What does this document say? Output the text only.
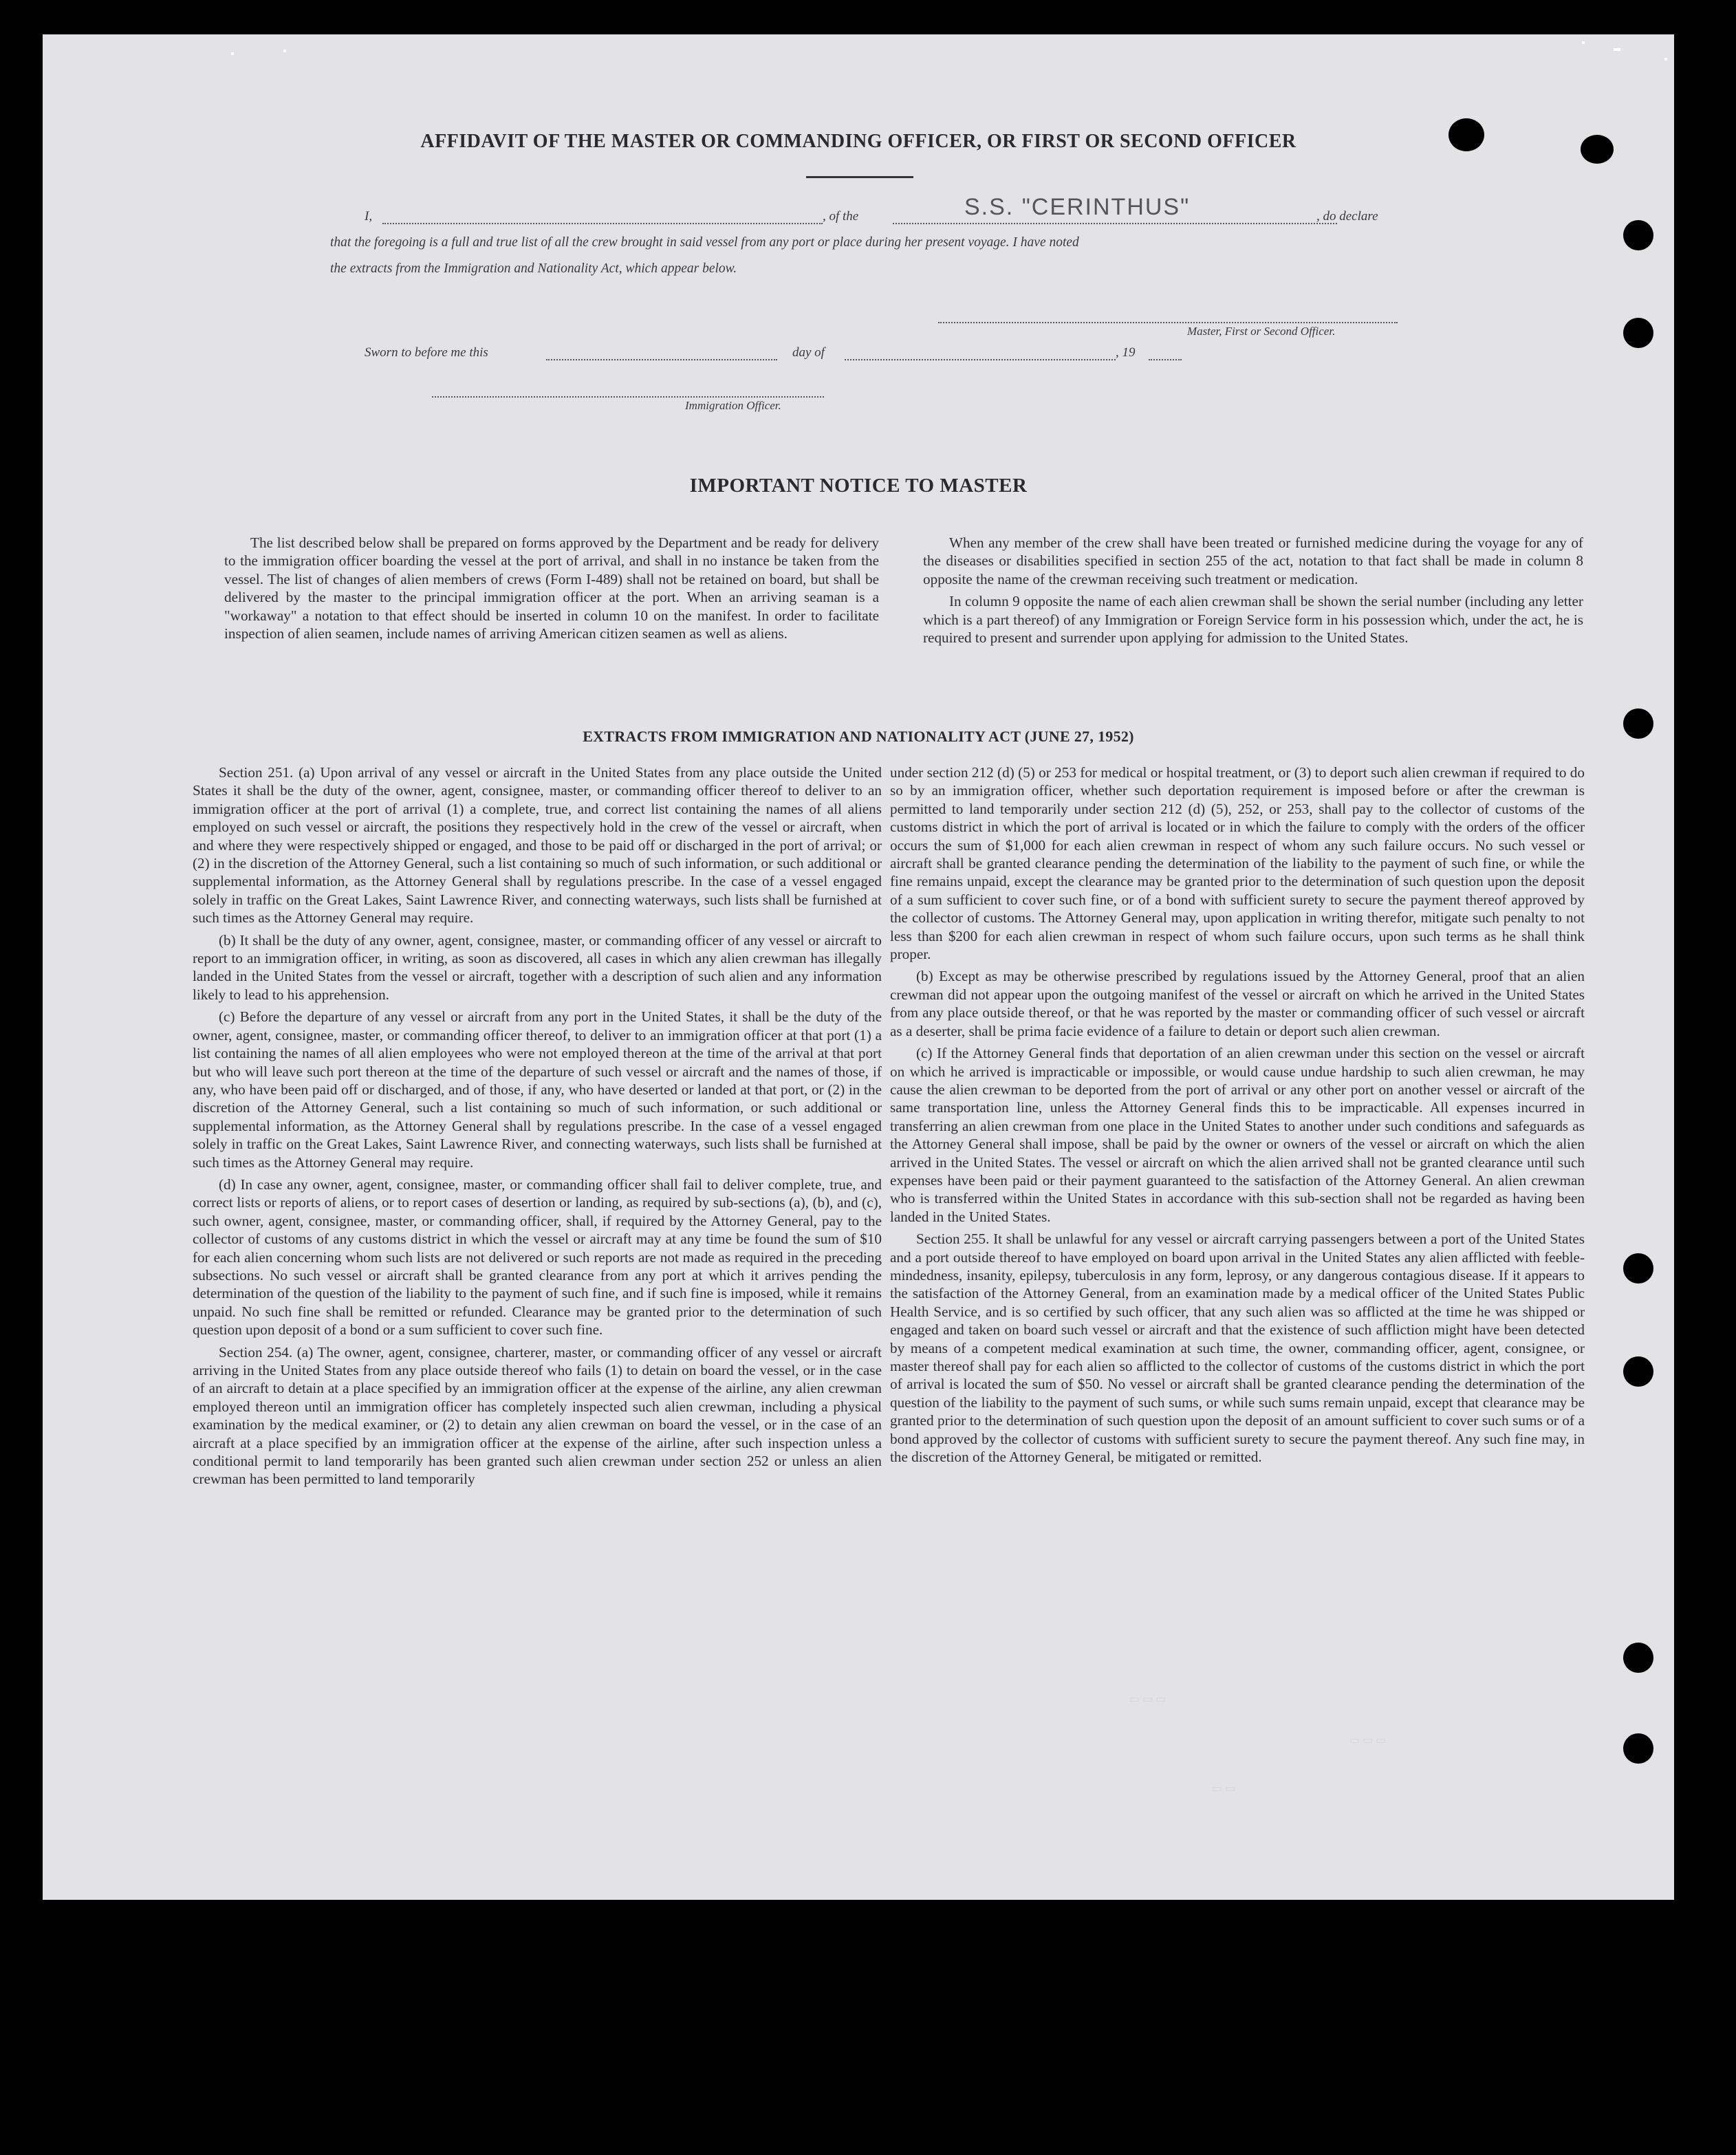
AFFIDAVIT OF THE MASTER OR COMMANDING OFFICER, OR FIRST OR SECOND OFFICER
I,	, of the	S.S. "CERINTHUS"	, do declare
that the foregoing is a full and true list of all the crew brought in said vessel from any port or place during her present voyage. I have noted
the extracts from the Immigration and Nationality Act, which appear below.
Master, First or Second Officer.
Sworn to before me this	day of	, 19
Immigration Officer.
IMPORTANT NOTICE TO MASTER

The list described below shall be prepared on forms approved by the Department and be ready for delivery to the immigration officer boarding the vessel at the port of arrival, and shall in no instance be taken from the vessel. The list of changes of alien members of crews (Form I-489) shall not be retained on board, but shall be delivered by the master to the principal immigration officer at the port. When an arriving seaman is a "workaway" a notation to that effect should be inserted in column 10 on the manifest. In order to facilitate inspection of alien seamen, include names of arriving American citizen seamen as well as aliens.

When any member of the crew shall have been treated or furnished medicine during the voyage for any of the diseases or disabilities specified in section 255 of the act, notation to that fact shall be made in column 8 opposite the name of the crewman receiving such treatment or medication.

In column 9 opposite the name of each alien crewman shall be shown the serial number (including any letter which is a part thereof) of any Immigration or Foreign Service form in his possession which, under the act, he is required to present and surrender upon applying for admission to the United States.

EXTRACTS FROM IMMIGRATION AND NATIONALITY ACT (JUNE 27, 1952)

Section 251. (a) Upon arrival of any vessel or aircraft in the United States from any place outside the United States it shall be the duty of the owner, agent, consignee, master, or commanding officer thereof to deliver to an immigration officer at the port of arrival (1) a complete, true, and correct list containing the names of all aliens employed on such vessel or aircraft, the positions they respectively hold in the crew of the vessel or aircraft, when and where they were respectively shipped or engaged, and those to be paid off or discharged in the port of arrival; or (2) in the discretion of the Attorney General, such a list containing so much of such information, or such additional or supplemental information, as the Attorney General shall by regulations prescribe. In the case of a vessel engaged solely in traffic on the Great Lakes, Saint Lawrence River, and connecting waterways, such lists shall be furnished at such times as the Attorney General may require.

(b) It shall be the duty of any owner, agent, consignee, master, or commanding officer of any vessel or aircraft to report to an immigration officer, in writing, as soon as discovered, all cases in which any alien crewman has illegally landed in the United States from the vessel or aircraft, together with a description of such alien and any information likely to lead to his apprehension.

(c) Before the departure of any vessel or aircraft from any port in the United States, it shall be the duty of the owner, agent, consignee, master, or commanding officer thereof, to deliver to an immigration officer at that port (1) a list containing the names of all alien employees who were not employed thereon at the time of the arrival at that port but who will leave such port thereon at the time of the departure of such vessel or aircraft and the names of those, if any, who have been paid off or discharged, and of those, if any, who have deserted or landed at that port, or (2) in the discretion of the Attorney General, such a list containing so much of such information, or such additional or supplemental information, as the Attorney General shall by regulations prescribe. In the case of a vessel engaged solely in traffic on the Great Lakes, Saint Lawrence River, and connecting waterways, such lists shall be furnished at such times as the Attorney General may require.

(d) In case any owner, agent, consignee, master, or commanding officer shall fail to deliver complete, true, and correct lists or reports of aliens, or to report cases of desertion or landing, as required by sub-sections (a), (b), and (c), such owner, agent, consignee, master, or commanding officer, shall, if required by the Attorney General, pay to the collector of customs of any customs district in which the vessel or aircraft may at any time be found the sum of $10 for each alien concerning whom such lists are not delivered or such reports are not made as required in the preceding subsections. No such vessel or aircraft shall be granted clearance from any port at which it arrives pending the determination of the question of the liability to the payment of such fine, and if such fine is imposed, while it remains unpaid. No such fine shall be remitted or refunded. Clearance may be granted prior to the determination of such question upon deposit of a bond or a sum sufficient to cover such fine.

Section 254. (a) The owner, agent, consignee, charterer, master, or commanding officer of any vessel or aircraft arriving in the United States from any place outside thereof who fails (1) to detain on board the vessel, or in the case of an aircraft to detain at a place specified by an immigration officer at the expense of the airline, any alien crewman employed thereon until an immigration officer has completely inspected such alien crewman, including a physical examination by the medical examiner, or (2) to detain any alien crewman on board the vessel, or in the case of an aircraft at a place specified by an immigration officer at the expense of the airline, after such inspection unless a conditional permit to land temporarily has been granted such alien crewman under section 252 or unless an alien crewman has been permitted to land temporarily

under section 212 (d) (5) or 253 for medical or hospital treatment, or (3) to deport such alien crewman if required to do so by an immigration officer, whether such deportation requirement is imposed before or after the crewman is permitted to land temporarily under section 212 (d) (5), 252, or 253, shall pay to the collector of customs of the customs district in which the port of arrival is located or in which the failure to comply with the orders of the officer occurs the sum of $1,000 for each alien crewman in respect of whom any such failure occurs. No such vessel or aircraft shall be granted clearance pending the determination of the liability to the payment of such fine, or while the fine remains unpaid, except the clearance may be granted prior to the determination of such question upon the deposit of a sum sufficient to cover such fine, or of a bond with sufficient surety to secure the payment thereof approved by the collector of customs. The Attorney General may, upon application in writing therefor, mitigate such penalty to not less than $200 for each alien crewman in respect of whom such failure occurs, upon such terms as he shall think proper.

(b) Except as may be otherwise prescribed by regulations issued by the Attorney General, proof that an alien crewman did not appear upon the outgoing manifest of the vessel or aircraft on which he arrived in the United States from any place outside thereof, or that he was reported by the master or commanding officer of such vessel or aircraft as a deserter, shall be prima facie evidence of a failure to detain or deport such alien crewman.

(c) If the Attorney General finds that deportation of an alien crewman under this section on the vessel or aircraft on which he arrived is impracticable or impossible, or would cause undue hardship to such alien crewman, he may cause the alien crewman to be deported from the port of arrival or any other port on another vessel or aircraft of the same transportation line, unless the Attorney General finds this to be impracticable. All expenses incurred in transferring an alien crewman from one place in the United States to another under such conditions and safeguards as the Attorney General shall impose, shall be paid by the owner or owners of the vessel or aircraft on which the alien arrived in the United States. The vessel or aircraft on which the alien arrived shall not be granted clearance until such expenses have been paid or their payment guaranteed to the satisfaction of the Attorney General. An alien crewman who is transferred within the United States in accordance with this sub-section shall not be regarded as having been landed in the United States.

Section 255. It shall be unlawful for any vessel or aircraft carrying passengers between a port of the United States and a port outside thereof to have employed on board upon arrival in the United States any alien afflicted with feeble-mindedness, insanity, epilepsy, tuberculosis in any form, leprosy, or any dangerous contagious disease. If it appears to the satisfaction of the Attorney General, from an examination made by a medical officer of the United States Public Health Service, and is so certified by such officer, that any such alien was so afflicted at the time he was shipped or engaged and taken on board such vessel or aircraft and that the existence of such affliction might have been detected by means of a competent medical examination at such time, the owner, commanding officer, agent, consignee, or master thereof shall pay for each alien so afflicted to the collector of customs of the customs district in which the port of arrival is located the sum of $50. No vessel or aircraft shall be granted clearance pending the determination of the question of the liability to the payment of such sums, or while such sums remain unpaid, except that clearance may be granted prior to the determination of such question upon the deposit of an amount sufficient to cover such sums or of a bond approved by the collector of customs with sufficient surety to secure the payment thereof. Any such fine may, in the discretion of the Attorney General, be mitigated or remitted.

▭ ▭ ▭
▭ ▭ ▭
▭ ▭
